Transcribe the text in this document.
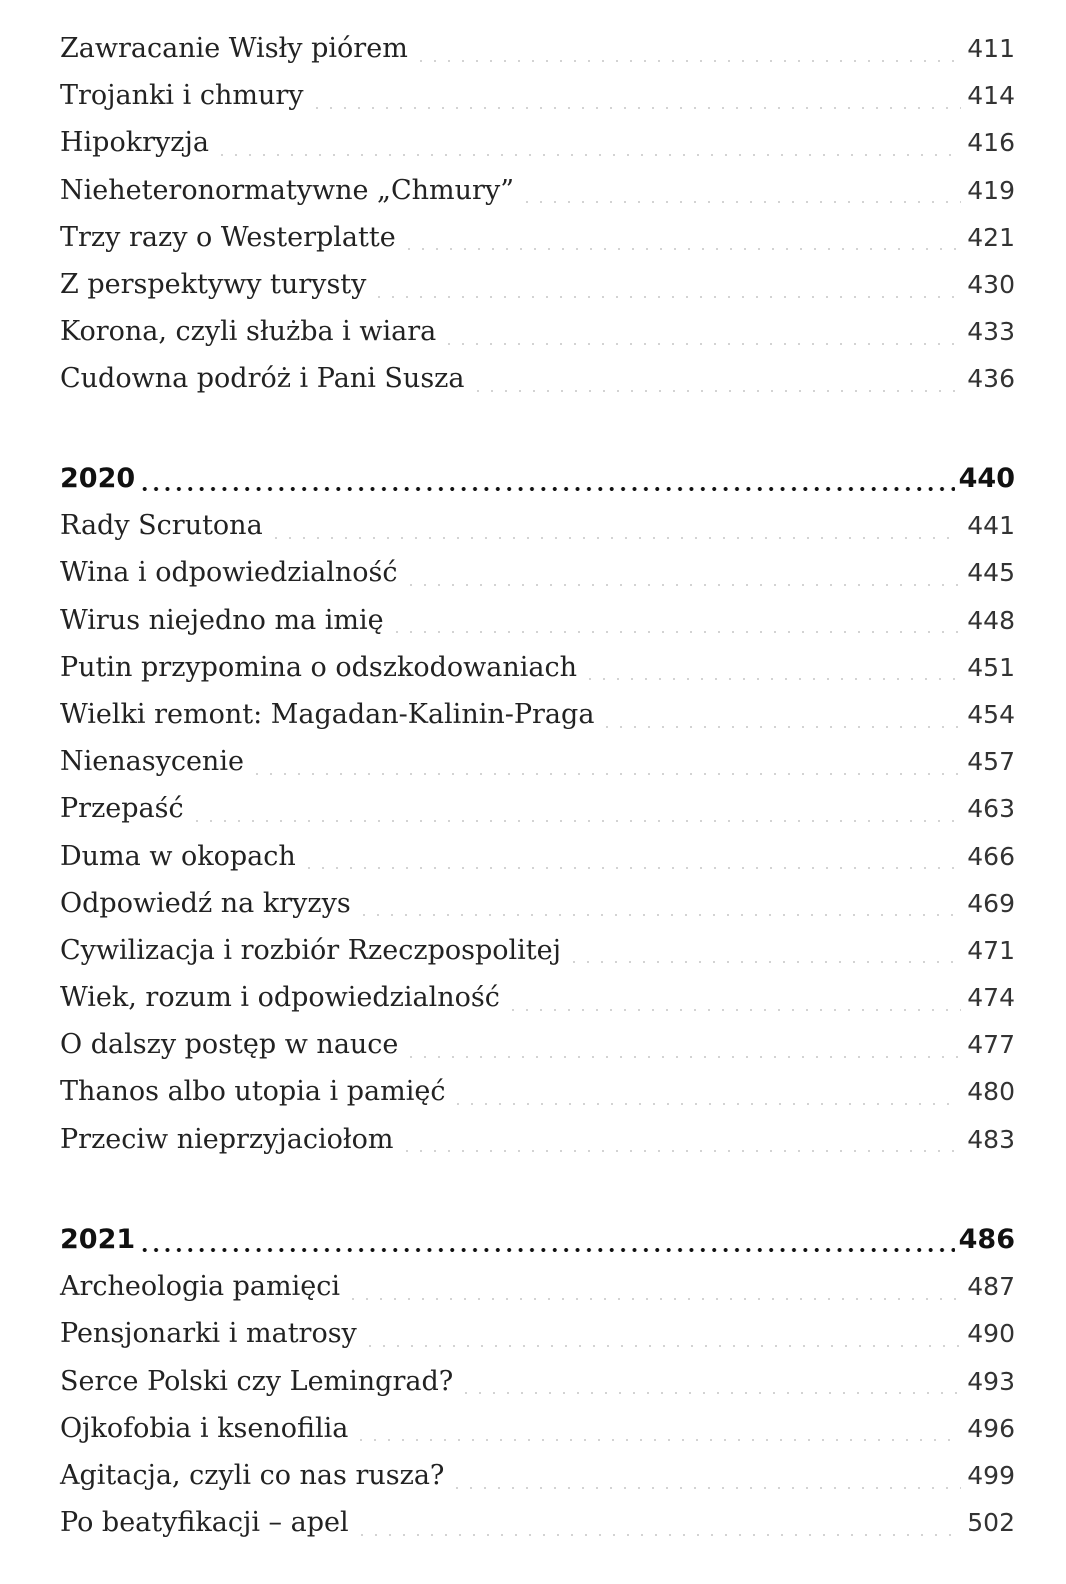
Zawracanie Wisły piórem	411
Trojanki i chmury	414
Hipokryzja	416
Nieheteronormatywne „Chmury”	419
Trzy razy o Westerplatte	421
Z perspektywy turysty	430
Korona, czyli służba i wiara	433
Cudowna podróż i Pani Susza	436
2020	440
Rady Scrutona	441
Wina i odpowiedzialność	445
Wirus niejedno ma imię	448
Putin przypomina o odszkodowaniach	451
Wielki remont: Magadan-Kalinin-Praga	454
Nienasycenie	457
Przepaść	463
Duma w okopach	466
Odpowiedź na kryzys	469
Cywilizacja i rozbiór Rzeczpospolitej	471
Wiek, rozum i odpowiedzialność	474
O dalszy postęp w nauce	477
Thanos albo utopia i pamięć	480
Przeciw nieprzyjaciołom	483
2021	486
Archeologia pamięci	487
Pensjonarki i matrosy	490
Serce Polski czy Lemingrad?	493
Ojkofobia i ksenofilia	496
Agitacja, czyli co nas rusza?	499
Po beatyfikacji – apel	502
